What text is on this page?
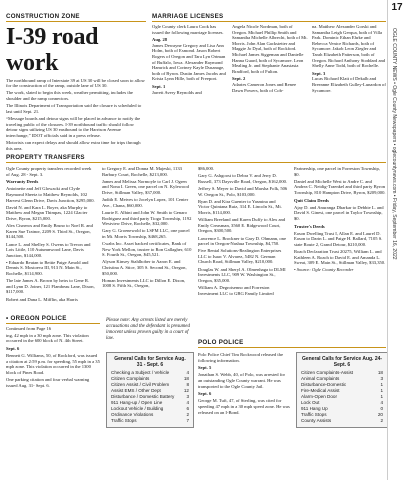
CONSTRUCTION ZONE
I-39 road work

The northbound ramp of Interstate 39 at US 30 will be closed soon to allow for the construction of the ramp, outside lane of US 30.

The work, slated to begin this week, weather permitting, includes the shoulder and the ramp connectors.

The Illinois Department of Transportation said the closure is scheduled to last until Sept. 21.

“Message boards and detour signs will be placed in advance to notify the traveling public of the closures. I-39 northbound traffic should follow detour signs utilizing US 30 eastbound to the Harrison Avenue interchange,” IDOT officials said in a press release.

Motorists can expect delays and should allow extra time for trips through this area.

MARRIAGE LICENSES

Ogle County clerk Laura Cook has issued the following marriage licenses.

Aug. 28

James Dewayne Gregory and Lisa Ann Holm, both of Esmond. Jason Robert Rogers of Oregon and Tara Lyn Ortman of Buffalo, Iowa. Alexander Raymond Hamrick and Cortney Kayle Dusanage, both of Byron. Dustin James Jacobs and Krista Lynn Hille, both of Freeport.

Sept. 1

Jarrett Avery Reynolds and

Angela Nicole Nordman, both of Oregon. Michael Phillip Smith and Samantha Michelle Albrecht, both of Mt. Morris. John Alan Gackstetter and Maggie Jo Dyal, both of Rockford. Michael James Siggeman and Danielle Hanna Guard, both of Sycamore. Leon Mealing Jr. and Stephanie Anastasia Bradford, both of Fulton.

Sept. 2

Adaries Cameron Jones and Renee Dawn Powers, both of Cob-

na. Matthew Alexander Gorski and Samantha Leigh Gerqua, both of Villa Park. Dominic Ethan Ehrke and Rebecca Venice Richards, both of Sycamore. Jakob Leon Ziegler and Tarah Elizabeth Patterson, both of Oregon. Richard Anthony Stoddard and Shelly Anne Todd, both of Rochelle.

Sept. 3

Lucas Richard Klatt of Dekalb and Breeanne Elizabeth Gulley-Lunardon of Sycamore.

PROPERTY TRANSFERS

Ogle County property transfers recorded week of Aug. 28 - Sept. 3.

Warranty Deeds

Antoinette and Jeff Glowacki and Clyde Raymond Sheetz to Matthew Reynolds, 102 Harvest Glenn Drive, Davis Junction, $295,000.

David N. and Kara L. Boyer, aka Murphy to Matthew and Megan Thimpas, 1224 Glacier Drive, Byron, $215,000.

Alex Cisneros and Emily Bruno to Noel R. and Karen Sue Trainor, 2209 S. Third St., Oregon, $144,500.

Lance L. and Shelley S. Owens to Trevon and Lois Little, 110 Autumnwood Lane, Davis Junction, $144,000.

• Eduardo Reutan to Bettie Paige Arnold and Dennis S. Mostoeva III, 913 N. Main St., Rochelle, $114,900.

The late James A. Brown by heirs to Gene R. and Lynn D. Joiner, 121 Flambeau Lane, Dixon, $117,000.

Robert and Dana L. Mifflin, aka Harris

to Gregory E. and Donna M. Majeski, 1133 Barbury Court, Rochelle, $213,000.

James and Melissa Normoyle to Carl J. Ogren and Nona I. Green, one parcel on N. Kylewood Drive, Stillman Valley, $37,000.

Judith E. Meives to Jocelyn Lopez, 101 Center Ave., Chana, $60,000.

Laurie E. Albini and John W. Smith to Genaro Rodriguez and third party Tioga Township, 1192 Westview Drive, Rochelle, $32,000.

Gary G. Groenewold to LSFM LLC, one parcel in Mt. Morris Township, $468,265.

Cwabs Inc. Asset backed certificates, Bank of New York Mellon, trustee to Ron Gallagher, 610 S. Fourth St., Oregon, $45,521.

Alyson Kinsey Stahlhober to Aaron E. and Christina A. Stice, 305 S. Second St., Oregon, $50,000.

Homan Investments LLC to Dillon E. Dixon, 1008 S. Fifth St., Oregon,

$86,000.

Gary G. Ashgoost to Debra V. and Jerry D. Russell, 373 Daysville Road, Oregon, $162,000.

Jeffrey S. Meyer to David and Marsha Folk, 506 W. Oregon St., Polo, $103,000.

Ryan D. and Kira Guenter to Yasmina and Victor Quintana Ruiz, 314 E. Lincoln St., Mt. Morris, $114,000.

William Breeland and Karen Duffy to Alex and Emily Creasman, 3560 E. Ridgewood Court, Oregon, $300,500.

Lawrence L. Brockner to Gary D. Ohmann, one parcel in Oregon-Nashua Township, $4,750.

Five Rental Solutions-Realington Enterprises LLC to Isaac V. Alvarez, 5482 N. German Church Road, Stillman Valley, $210,000.

Douglas W. and Sheryl A. Olmenhaga to DLMI Investments LLC, 909 W. Washington St., Oregon, $35,000.

William A. Degroisenno and Forreston Investment LLC to GBG Family Limited

Partnership, one parcel in Forreston Township, $0.

Daniel and Michelle West to Andre C. and Andrea C. Neidig-Traenkel and third party Byron Township, 810 Hampton Drive, Byron, $209,000.

Quit Claim Deeds

Ajay D. and Anuranga Dharkar to Debbie L. and David S. Ginesi, one parcel in Taylor Township, $0.

Trustee's Deeds

Eason Dwelling Trust I, Allan E. and Laurel D. Eason to Darin L. and Paige H. Ballard, 7105 S. state Route 2, Grand Detour, $210,000.

Roach Declaration Trust 20275, William L. and Kathleen A. Roach to David E. and Amanda L. Sweat, 309 E. Main St., Stillman Valley, $33,350.

• Source: Ogle County Recorder

• OREGON POLICE

Continued from Page 16

ing, 42 mph in a 30 mph zone. This violation occurred in the 600 block of N. 4th Street.

Sept. 6

Bennett G. Williams, 50, of Rockford, was issued a citation at 2:59 p.m. for speeding, 55 mph in a 35 mph zone. This violation occurred in the 1300 block of Pines Road.

One parking citation and four verbal warning issued Aug. 31- Sept. 6.

Please note: Any arrests listed are merely accusations and the defendant is presumed innocent unless proven guilty in a court of law.
General Calls for Service Aug. 31 - Sept. 6
Checking a Subject / Vehicle	4
Citizen Complaints	18
Citizen Assist / Civil Problem	8
Assist EMS / Other Dept	12
Disturbance / Domestic Battery	3
911 Hang-up / Open Line	4
Lockout Vehicle / Building	6
Ordinance Violations	2
Traffic Stops	7
POLO POLICE

Polo Police Chief Tim Rockwood released the following information.

Sept. 5

Jonathan S. Webb, 40, of Polo, was arrested for an outstanding Ogle County warrant. He was transported to the Ogle County Jail.

Sept. 6

George M. Tuft, 47, of Sterling, was cited for speeding 47 mph in a 30 mph speed zone. He was released on an I-Bond.

General Calls for Service Aug. 24-Sept. 6
Citizen Complaints-Assist	18
Animal Complaints	3
Disturbance-Domestic	1
Fire-Medical Assist	1
Alarm-Open Door	1
Lock Out	4
911 Hang Up	0
Traffic Stops	20
County Assists	2
17
OGLE COUNTY NEWS • Ogle County Newspapers • oglecountynews.com • Friday, September 16, 2022
